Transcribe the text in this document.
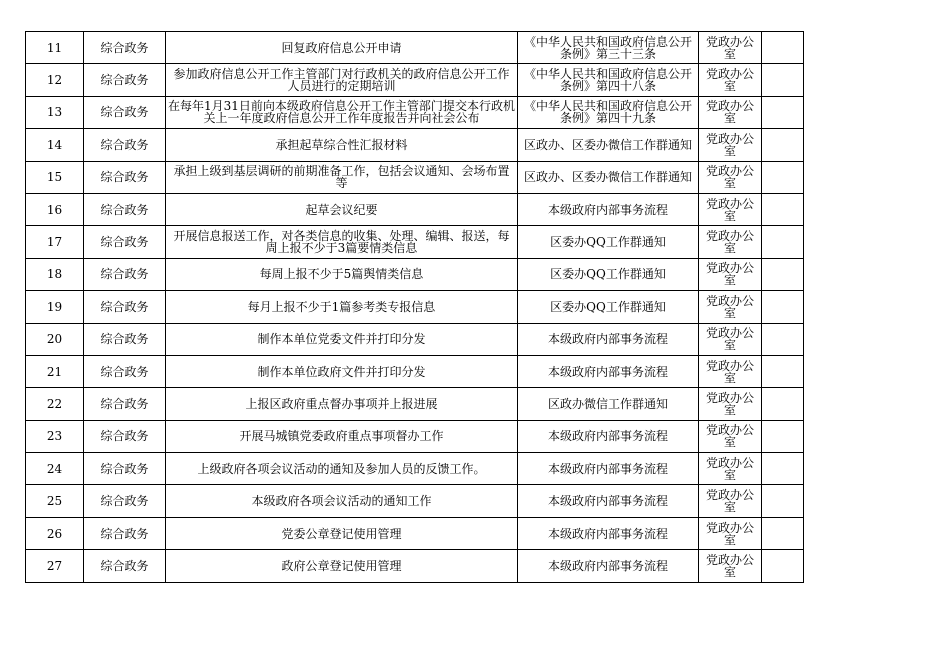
11	综合政务	回复政府信息公开申请	《中华人民共和国政府信息公开条例》第三十三条	党政办公室	
12	综合政务	参加政府信息公开工作主管部门对行政机关的政府信息公开工作人员进行的定期培训	《中华人民共和国政府信息公开条例》第四十八条	党政办公室	
13	综合政务	在每年1月31日前向本级政府信息公开工作主管部门提交本行政机关上一年度政府信息公开工作年度报告并向社会公布	《中华人民共和国政府信息公开条例》第四十九条	党政办公室	
14	综合政务	承担起草综合性汇报材料	区政办、区委办微信工作群通知	党政办公室	
15	综合政务	承担上级到基层调研的前期准备工作，包括会议通知、会场布置等	区政办、区委办微信工作群通知	党政办公室	
16	综合政务	起草会议纪要	本级政府内部事务流程	党政办公室	
17	综合政务	开展信息报送工作，对各类信息的收集、处理、编辑、报送，每周上报不少于3篇要情类信息	区委办QQ工作群通知	党政办公室	
18	综合政务	每周上报不少于5篇舆情类信息	区委办QQ工作群通知	党政办公室	
19	综合政务	每月上报不少于1篇参考类专报信息	区委办QQ工作群通知	党政办公室	
20	综合政务	制作本单位党委文件并打印分发	本级政府内部事务流程	党政办公室	
21	综合政务	制作本单位政府文件并打印分发	本级政府内部事务流程	党政办公室	
22	综合政务	上报区政府重点督办事项并上报进展	区政办微信工作群通知	党政办公室	
23	综合政务	开展马城镇党委政府重点事项督办工作	本级政府内部事务流程	党政办公室	
24	综合政务	上级政府各项会议活动的通知及参加人员的反馈工作。	本级政府内部事务流程	党政办公室	
25	综合政务	本级政府各项会议活动的通知工作	本级政府内部事务流程	党政办公室	
26	综合政务	党委公章登记使用管理	本级政府内部事务流程	党政办公室	
27	综合政务	政府公章登记使用管理	本级政府内部事务流程	党政办公室	
